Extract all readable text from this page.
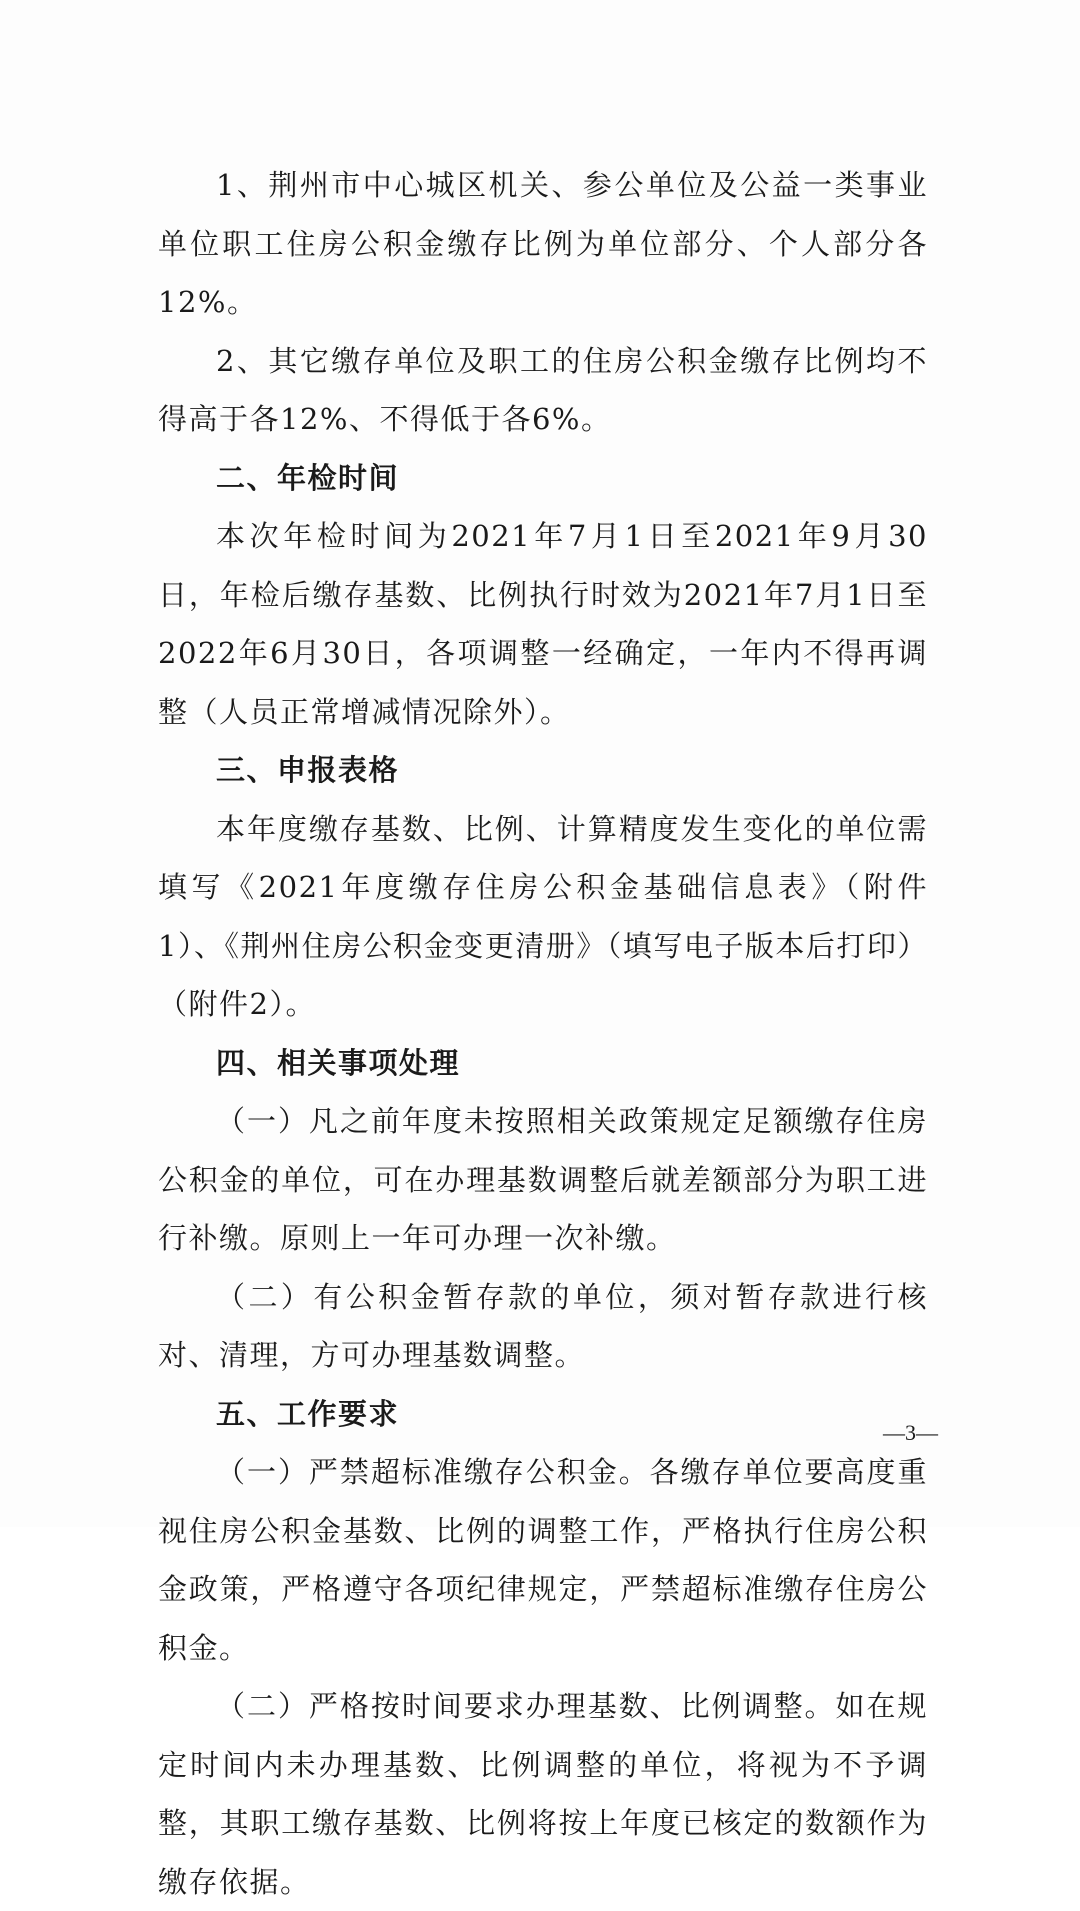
1、荆州市中心城区机关、参公单位及公益一类事业单位职工住房公积金缴存比例为单位部分、个人部分各12%。

2、其它缴存单位及职工的住房公积金缴存比例均不得高于各12%、不得低于各6%。

二、年检时间

本次年检时间为2021年7月1日至2021年9月30日，年检后缴存基数、比例执行时效为2021年7月1日至2022年6月30日，各项调整一经确定，一年内不得再调整（人员正常增减情况除外）。

三、申报表格

本年度缴存基数、比例、计算精度发生变化的单位需填写《2021年度缴存住房公积金基础信息表》（附件1）、《荆州住房公积金变更清册》（填写电子版本后打印）（附件2）。

四、相关事项处理

（一）凡之前年度未按照相关政策规定足额缴存住房公积金的单位，可在办理基数调整后就差额部分为职工进行补缴。原则上一年可办理一次补缴。

（二）有公积金暂存款的单位，须对暂存款进行核对、清理，方可办理基数调整。

五、工作要求

（一）严禁超标准缴存公积金。各缴存单位要高度重视住房公积金基数、比例的调整工作，严格执行住房公积金政策，严格遵守各项纪律规定，严禁超标准缴存住房公积金。

（二）严格按时间要求办理基数、比例调整。如在规定时间内未办理基数、比例调整的单位，将视为不予调整，其职工缴存基数、比例将按上年度已核定的数额作为缴存依据。

—3—
